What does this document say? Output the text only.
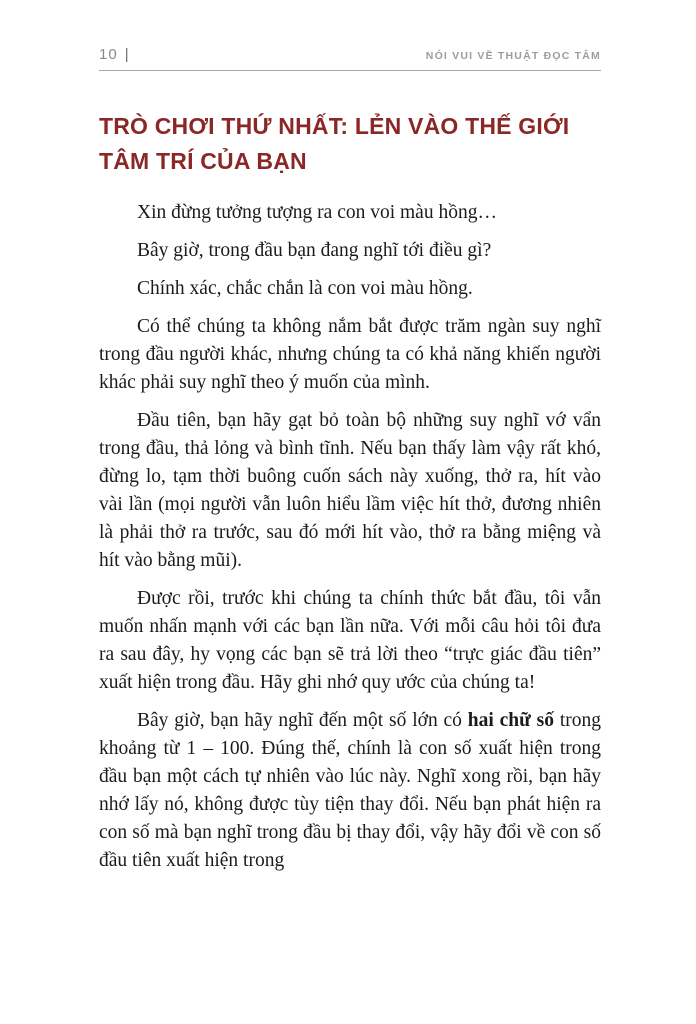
10 |	NÓI VUI VỀ THUẬT ĐỌC TÂM
TRÒ CHƠI THỨ NHẤT: LẺN VÀO THẾ GIỚI TÂM TRÍ CỦA BẠN

Xin đừng tưởng tượng ra con voi màu hồng…

Bây giờ, trong đầu bạn đang nghĩ tới điều gì?

Chính xác, chắc chắn là con voi màu hồng.

Có thể chúng ta không nắm bắt được trăm ngàn suy nghĩ trong đầu người khác, nhưng chúng ta có khả năng khiến người khác phải suy nghĩ theo ý muốn của mình.

Đầu tiên, bạn hãy gạt bỏ toàn bộ những suy nghĩ vớ vẩn trong đầu, thả lỏng và bình tĩnh. Nếu bạn thấy làm vậy rất khó, đừng lo, tạm thời buông cuốn sách này xuống, thở ra, hít vào vài lần (mọi người vẫn luôn hiểu lầm việc hít thở, đương nhiên là phải thở ra trước, sau đó mới hít vào, thở ra bằng miệng và hít vào bằng mũi).

Được rồi, trước khi chúng ta chính thức bắt đầu, tôi vẫn muốn nhấn mạnh với các bạn lần nữa. Với mỗi câu hỏi tôi đưa ra sau đây, hy vọng các bạn sẽ trả lời theo “trực giác đầu tiên” xuất hiện trong đầu. Hãy ghi nhớ quy ước của chúng ta!

Bây giờ, bạn hãy nghĩ đến một số lớn có hai chữ số trong khoảng từ 1 – 100. Đúng thế, chính là con số xuất hiện trong đầu bạn một cách tự nhiên vào lúc này. Nghĩ xong rồi, bạn hãy nhớ lấy nó, không được tùy tiện thay đổi. Nếu bạn phát hiện ra con số mà bạn nghĩ trong đầu bị thay đổi, vậy hãy đổi về con số đầu tiên xuất hiện trong
